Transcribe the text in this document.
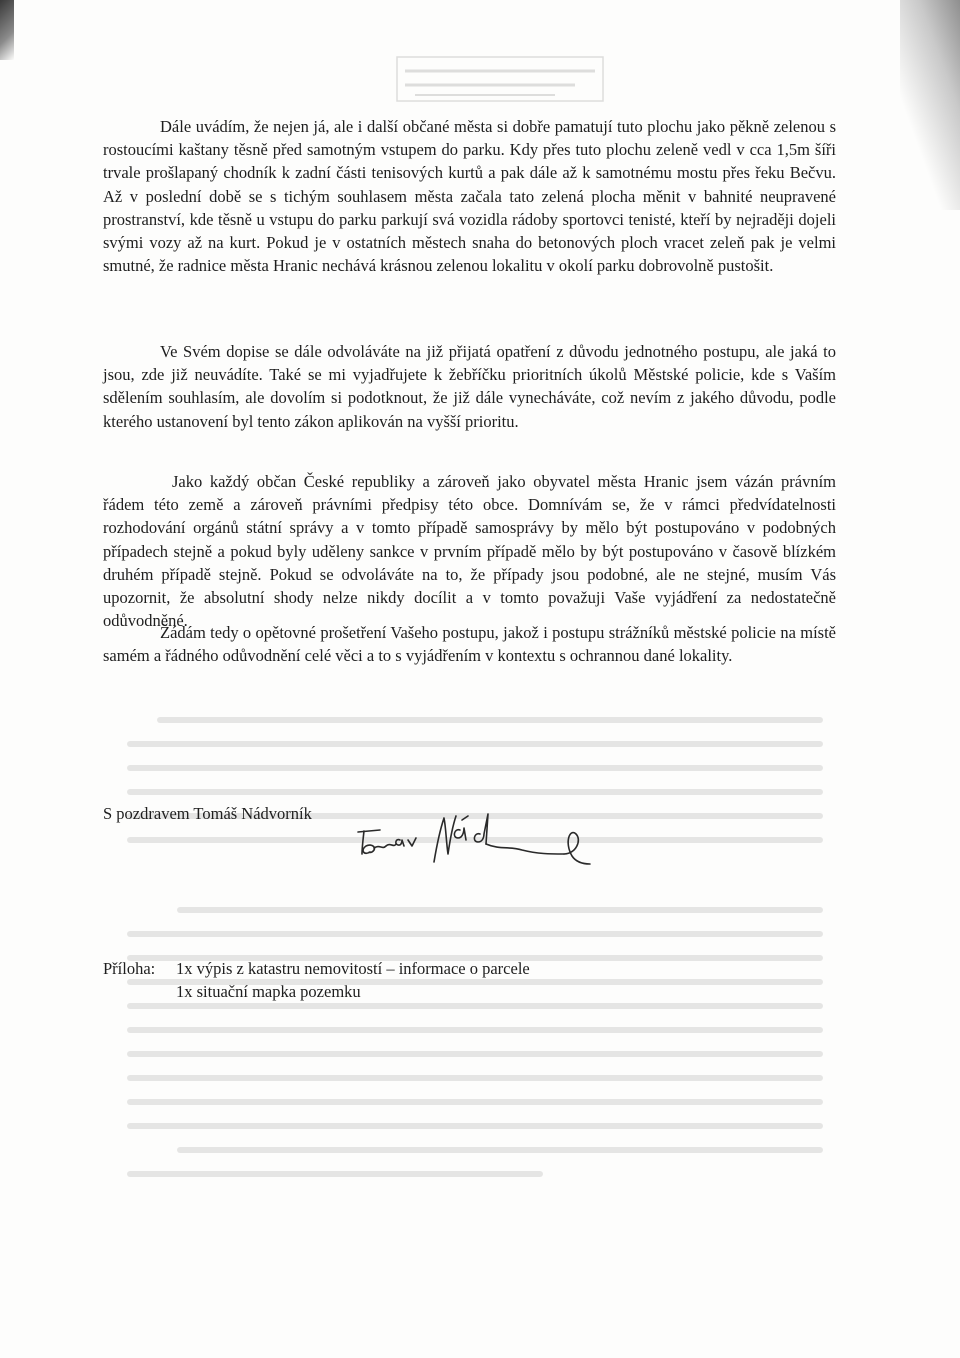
Dále uvádím, že nejen já, ale i další občané města si dobře pamatují tuto plochu jako pěkně zelenou s rostoucími kaštany těsně před samotným vstupem do parku. Kdy přes tuto plochu zeleně vedl v cca 1,5m šíři trvale prošlapaný chodník k zadní části tenisových kurtů a pak dále až k samotnému mostu přes řeku Bečvu. Až v poslední době se s tichým souhlasem města začala tato zelená plocha měnit v bahnité neupravené prostranství, kde těsně u vstupu do parku parkují svá vozidla rádoby sportovci tenisté, kteří by nejraději dojeli svými vozy až na kurt. Pokud je v ostatních městech snaha do betonových ploch vracet zeleň pak je velmi smutné, že radnice města Hranic nechává krásnou zelenou lokalitu v okolí parku dobrovolně pustošit.

Ve Svém dopise se dále odvoláváte na již přijatá opatření z důvodu jednotného postupu, ale jaká to jsou, zde již neuvádíte. Také se mi vyjadřujete k žebříčku prioritních úkolů Městské policie, kde s Vaším sdělením souhlasím, ale dovolím si podotknout, že již dále vynecháváte, což nevím z jakého důvodu, podle kterého ustanovení byl tento zákon aplikován na vyšší prioritu.

Jako každý občan České republiky a zároveň jako obyvatel města Hranic jsem vázán právním řádem této země a zároveň právními předpisy této obce. Domnívám se, že v rámci předvídatelnosti rozhodování orgánů státní správy a v tomto případě samosprávy by mělo být postupováno v podobných případech stejně a pokud byly uděleny sankce v prvním případě mělo by být postupováno v časově blízkém druhém případě stejně. Pokud se odvoláváte na to, že případy jsou podobné, ale ne stejné, musím Vás upozornit, že absolutní shody nelze nikdy docílit a v tomto považuji Vaše vyjádření za nedostatečně odůvodněné.

Žádám tedy o opětovné prošetření Vašeho postupu, jakož i postupu strážníků městské policie na místě samém a řádného odůvodnění celé věci a to s vyjádřením v kontextu s ochrannou dané lokality.

S pozdravem Tomáš Nádvorník

Příloha: 1x výpis z katastru nemovitostí – informace o parcele
1x situační mapka pozemku
